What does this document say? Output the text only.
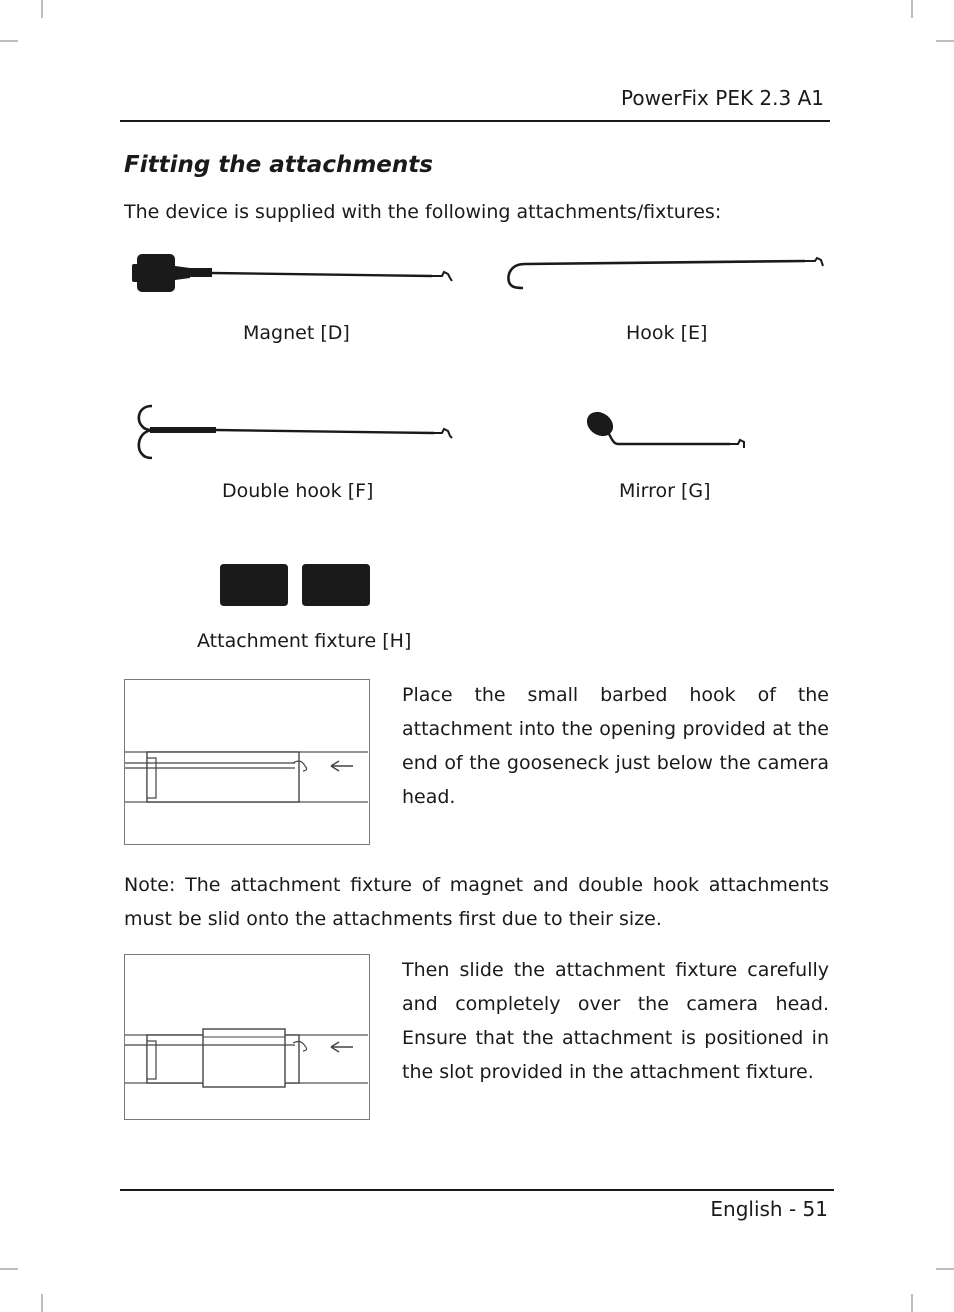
PowerFix PEK 2.3 A1
Fitting the attachments
The device is supplied with the following attachments/fixtures:
Magnet [D]	Hook [E]
Double hook [F]	Mirror [G]
Attachment fixture [H]

Place the small barbed hook of the attachment into the opening provided at the end of the gooseneck just below the camera head.

Note: The attachment fixture of magnet and double hook attachments must be slid onto the attachments first due to their size.

Then slide the attachment fixture carefully and completely over the camera head. Ensure that the attachment is positioned in the slot provided in the attachment fixture.

English - 51
